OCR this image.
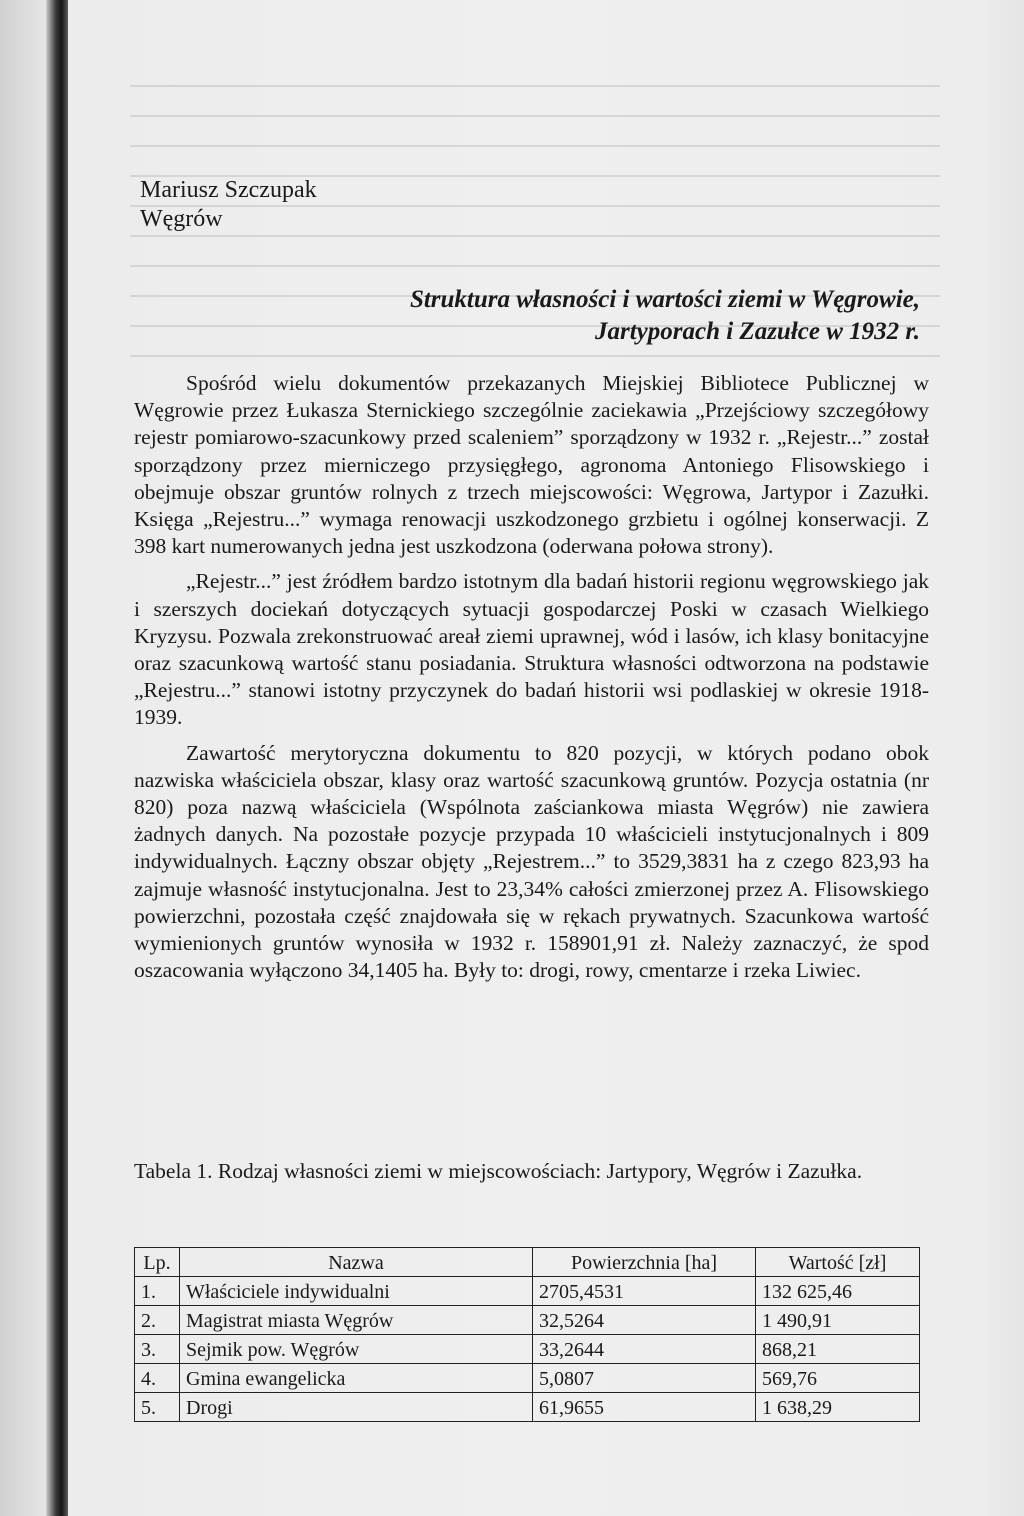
Mariusz Szczupak
Węgrów
Struktura własności i wartości ziemi w Węgrowie,
Jartyporach i Zazułce w 1932 r.

Spośród wielu dokumentów przekazanych Miejskiej Bibliotece Publicznej w Węgrowie przez Łukasza Sternickiego szczególnie zaciekawia „Przejściowy szczegółowy rejestr pomiarowo-szacunkowy przed scaleniem” sporządzony w 1932 r. „Rejestr...” został sporządzony przez mierniczego przysięgłego, agronoma Antoniego Flisowskiego i obejmuje obszar gruntów rolnych z trzech miejscowości: Węgrowa, Jartypor i Zazułki. Księga „Rejestru...” wymaga renowacji uszkodzonego grzbietu i ogólnej konserwacji. Z 398 kart numerowanych jedna jest uszkodzona (oderwana połowa strony).

„Rejestr...” jest źródłem bardzo istotnym dla badań historii regionu węgrowskiego jak i szerszych dociekań dotyczących sytuacji gospodarczej Poski w czasach Wielkiego Kryzysu. Pozwala zrekonstruować areał ziemi uprawnej, wód i lasów, ich klasy bonitacyjne oraz szacunkową wartość stanu posiadania. Struktura własności odtworzona na podstawie „Rejestru...” stanowi istotny przyczynek do badań historii wsi podlaskiej w okresie 1918-1939.

Zawartość merytoryczna dokumentu to 820 pozycji, w których podano obok nazwiska właściciela obszar, klasy oraz wartość szacunkową gruntów. Pozycja ostatnia (nr 820) poza nazwą właściciela (Wspólnota zaściankowa miasta Węgrów) nie zawiera żadnych danych. Na pozostałe pozycje przypada 10 właścicieli instytucjonalnych i 809 indywidualnych. Łączny obszar objęty „Rejestrem...” to 3529,3831 ha z czego 823,93 ha zajmuje własność instytucjonalna. Jest to 23,34% całości zmierzonej przez A. Flisowskiego powierzchni, pozostała część znajdowała się w rękach prywatnych. Szacunkowa wartość wymienionych gruntów wynosiła w 1932 r. 158901,91 zł. Należy zaznaczyć, że spod oszacowania wyłączono 34,1405 ha. Były to: drogi, rowy, cmentarze i rzeka Liwiec.

Tabela 1. Rodzaj własności ziemi w miejscowościach: Jartypory, Węgrów i Zazułka.
Lp.	Nazwa	Powierzchnia [ha]	Wartość [zł]
1.	Właściciele indywidualni	2705,4531	132 625,46
2.	Magistrat miasta Węgrów	32,5264	1 490,91
3.	Sejmik pow. Węgrów	33,2644	868,21
4.	Gmina ewangelicka	5,0807	569,76
5.	Drogi	61,9655	1 638,29
